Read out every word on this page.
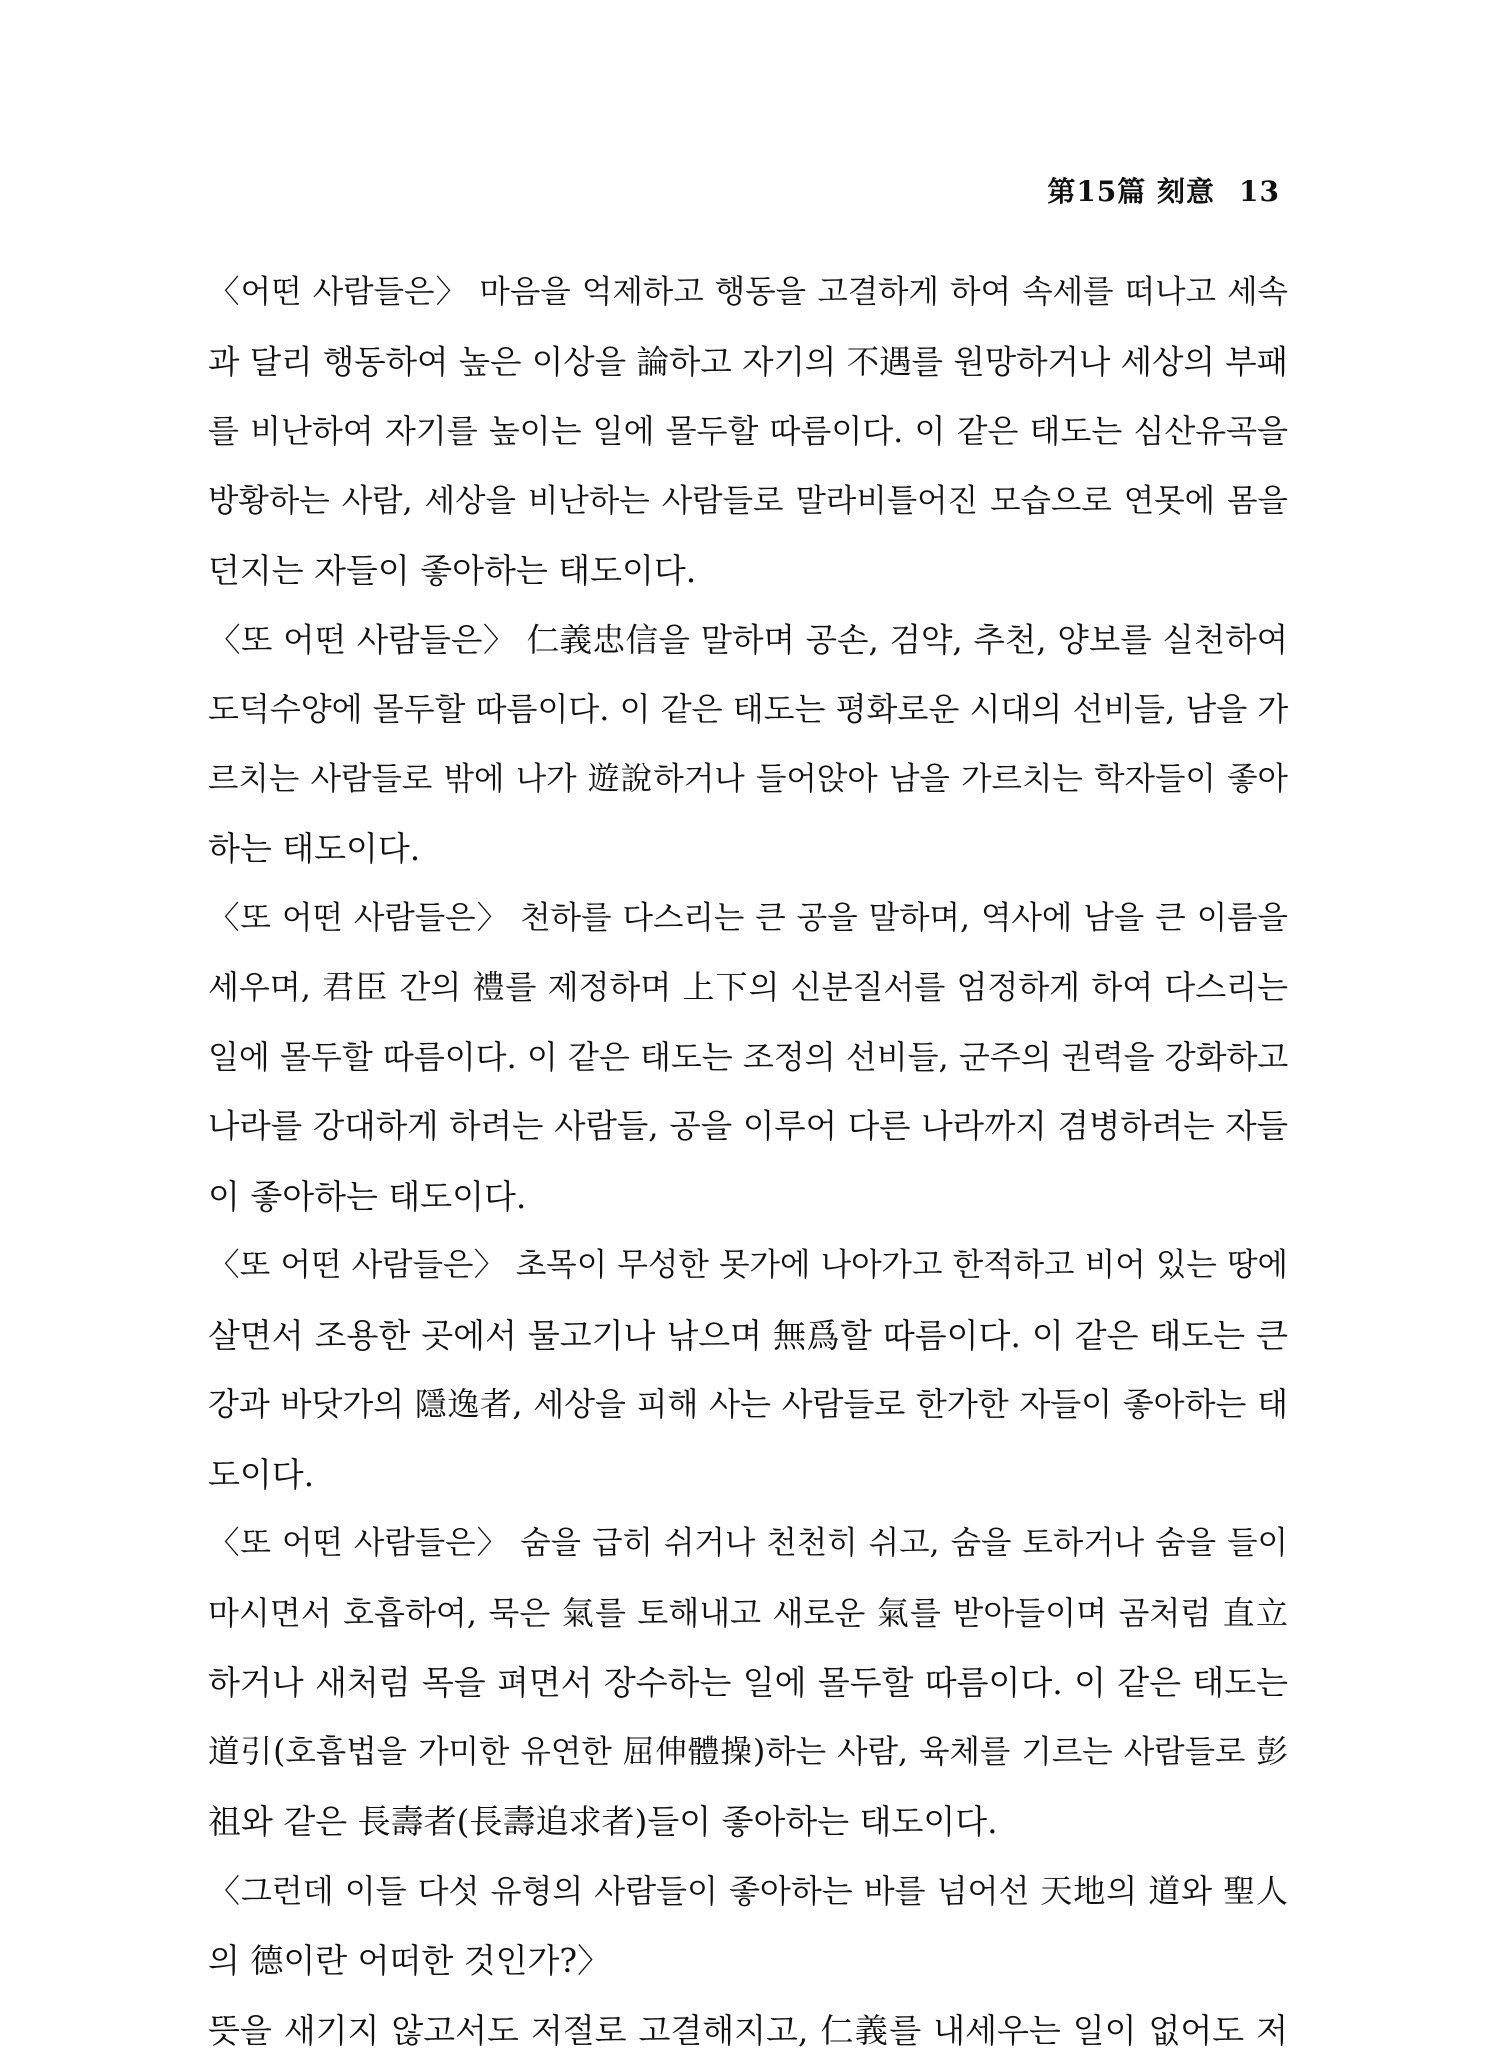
第15篇 刻意 13
〈어떤 사람들은〉 마음을 억제하고 행동을 고결하게 하여 속세를 떠나고 세속
과 달리 행동하여 높은 이상을 論하고 자기의 不遇를 원망하거나 세상의 부패
를 비난하여 자기를 높이는 일에 몰두할 따름이다. 이 같은 태도는 심산유곡을
방황하는 사람, 세상을 비난하는 사람들로 말라비틀어진 모습으로 연못에 몸을
던지는 자들이 좋아하는 태도이다.
〈또 어떤 사람들은〉 仁義忠信을 말하며 공손, 검약, 추천, 양보를 실천하여
도덕수양에 몰두할 따름이다. 이 같은 태도는 평화로운 시대의 선비들, 남을 가
르치는 사람들로 밖에 나가 遊說하거나 들어앉아 남을 가르치는 학자들이 좋아
하는 태도이다.
〈또 어떤 사람들은〉 천하를 다스리는 큰 공을 말하며, 역사에 남을 큰 이름을
세우며, 君臣 간의 禮를 제정하며 上下의 신분질서를 엄정하게 하여 다스리는
일에 몰두할 따름이다. 이 같은 태도는 조정의 선비들, 군주의 권력을 강화하고
나라를 강대하게 하려는 사람들, 공을 이루어 다른 나라까지 겸병하려는 자들
이 좋아하는 태도이다.
〈또 어떤 사람들은〉 초목이 무성한 못가에 나아가고 한적하고 비어 있는 땅에
살면서 조용한 곳에서 물고기나 낚으며 無爲할 따름이다. 이 같은 태도는 큰
강과 바닷가의 隱逸者, 세상을 피해 사는 사람들로 한가한 자들이 좋아하는 태
도이다.
〈또 어떤 사람들은〉 숨을 급히 쉬거나 천천히 쉬고, 숨을 토하거나 숨을 들이
마시면서 호흡하여, 묵은 氣를 토해내고 새로운 氣를 받아들이며 곰처럼 直立
하거나 새처럼 목을 펴면서 장수하는 일에 몰두할 따름이다. 이 같은 태도는
道引(호흡법을 가미한 유연한 屈伸體操)하는 사람, 육체를 기르는 사람들로 彭
祖와 같은 長壽者(長壽追求者)들이 좋아하는 태도이다.
〈그런데 이들 다섯 유형의 사람들이 좋아하는 바를 넘어선 天地의 道와 聖人
의 德이란 어떠한 것인가?〉
뜻을 새기지 않고서도 저절로 고결해지고, 仁義를 내세우는 일이 없어도 저
